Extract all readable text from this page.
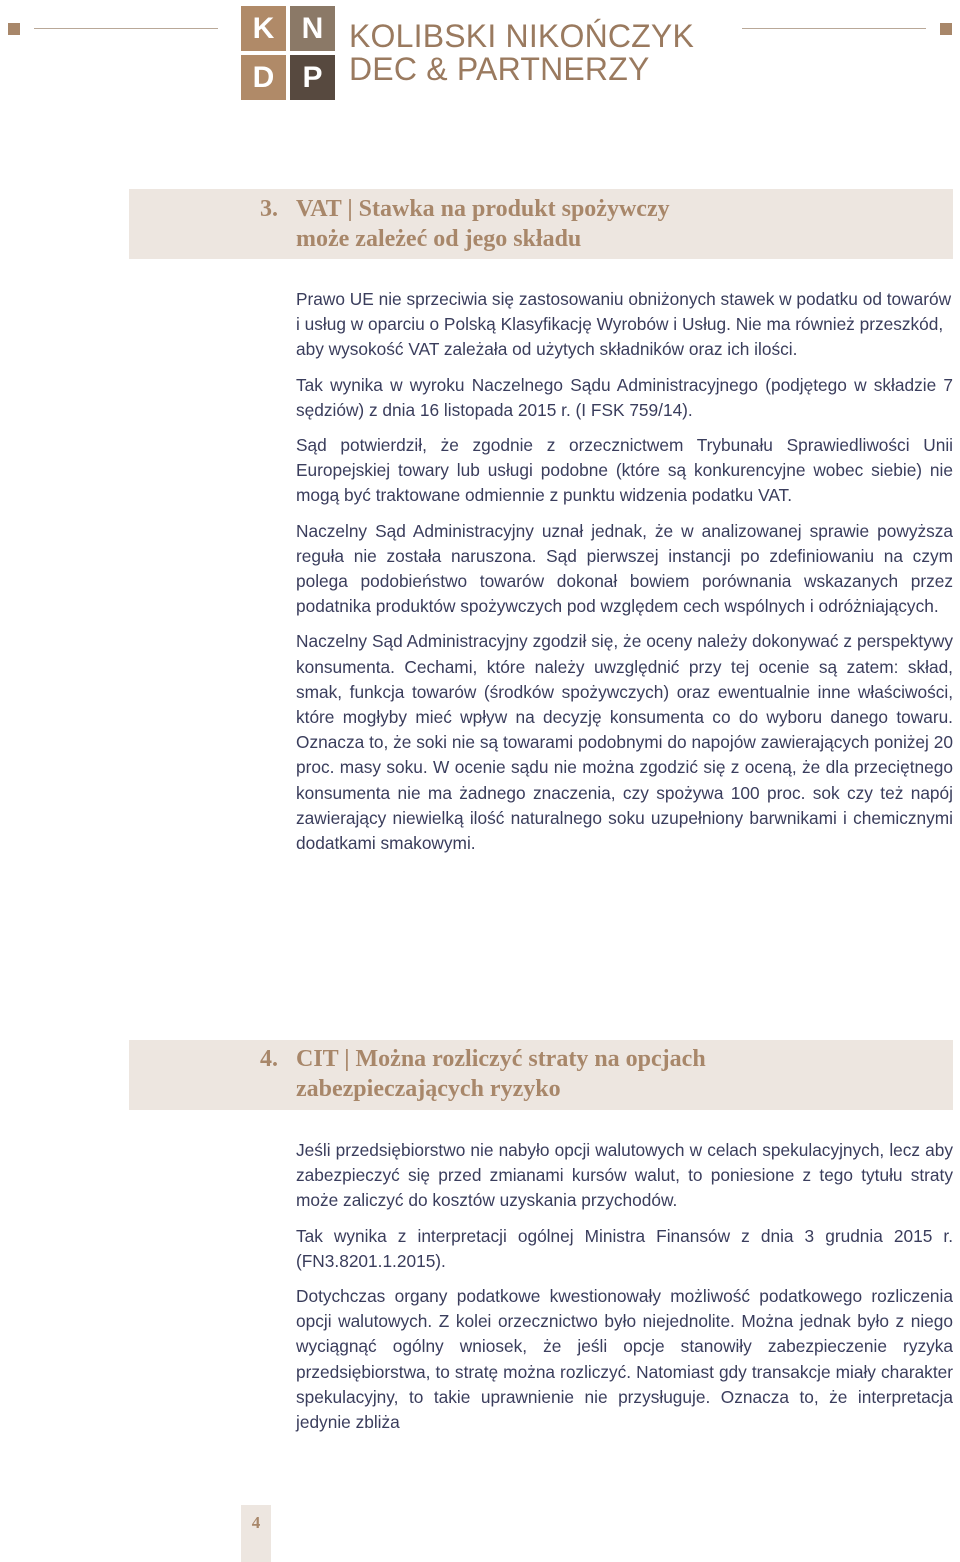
K N
D P
KOLIBSKI NIKOŃCZYK
DEC & PARTNERZY
3. VAT | Stawka na produkt spożywczy może zależeć od jego składu

Prawo UE nie sprzeciwia się zastosowaniu obniżonych stawek w podatku od towarów i usług w oparciu o Polską Klasyfikację Wyrobów i Usług. Nie ma również przeszkód, aby wysokość VAT zależała od użytych składników oraz ich ilości.

Tak wynika w wyroku Naczelnego Sądu Administracyjnego (podjętego w składzie 7 sędziów) z dnia 16 listopada 2015 r. (I FSK 759/14).

Sąd potwierdził, że zgodnie z orzecznictwem Trybunału Sprawiedliwości Unii Europejskiej towary lub usługi podobne (które są konkurencyjne wobec siebie) nie mogą być traktowane odmiennie z punktu widzenia podatku VAT.

Naczelny Sąd Administracyjny uznał jednak, że w analizowanej sprawie powyższa reguła nie została naruszona. Sąd pierwszej instancji po zdefiniowaniu na czym polega podobieństwo towarów dokonał bowiem porównania wskazanych przez podatnika produktów spożywczych pod względem cech wspólnych i odróżniających.

Naczelny Sąd Administracyjny zgodził się, że oceny należy dokonywać z perspektywy konsumenta. Cechami, które należy uwzględnić przy tej ocenie są zatem: skład, smak, funkcja towarów (środków spożywczych) oraz ewentualnie inne właściwości, które mogłyby mieć wpływ na decyzję konsumenta co do wyboru danego towaru. Oznacza to, że soki nie są towarami podobnymi do napojów zawierających poniżej 20 proc. masy soku. W ocenie sądu nie można zgodzić się z oceną, że dla przeciętnego konsumenta nie ma żadnego znaczenia, czy spożywa 100 proc. sok czy też napój zawierający niewielką ilość naturalnego soku uzupełniony barwnikami i chemicznymi dodatkami smakowymi.

4. CIT | Można rozliczyć straty na opcjach zabezpieczających ryzyko

Jeśli przedsiębiorstwo nie nabyło opcji walutowych w celach spekulacyjnych, lecz aby zabezpieczyć się przed zmianami kursów walut, to poniesione z tego tytułu straty może zaliczyć do kosztów uzyskania przychodów.

Tak wynika z interpretacji ogólnej Ministra Finansów z dnia 3 grudnia 2015 r. (FN3.8201.1.2015).

Dotychczas organy podatkowe kwestionowały możliwość podatkowego rozliczenia opcji walutowych. Z kolei orzecznictwo było niejednolite. Można jednak było z niego wyciągnąć ogólny wniosek, że jeśli opcje stanowiły zabezpieczenie ryzyka przedsiębiorstwa, to stratę można rozliczyć. Natomiast gdy transakcje miały charakter spekulacyjny, to takie uprawnienie nie przysługuje. Oznacza to, że interpretacja jedynie zbliża

4
